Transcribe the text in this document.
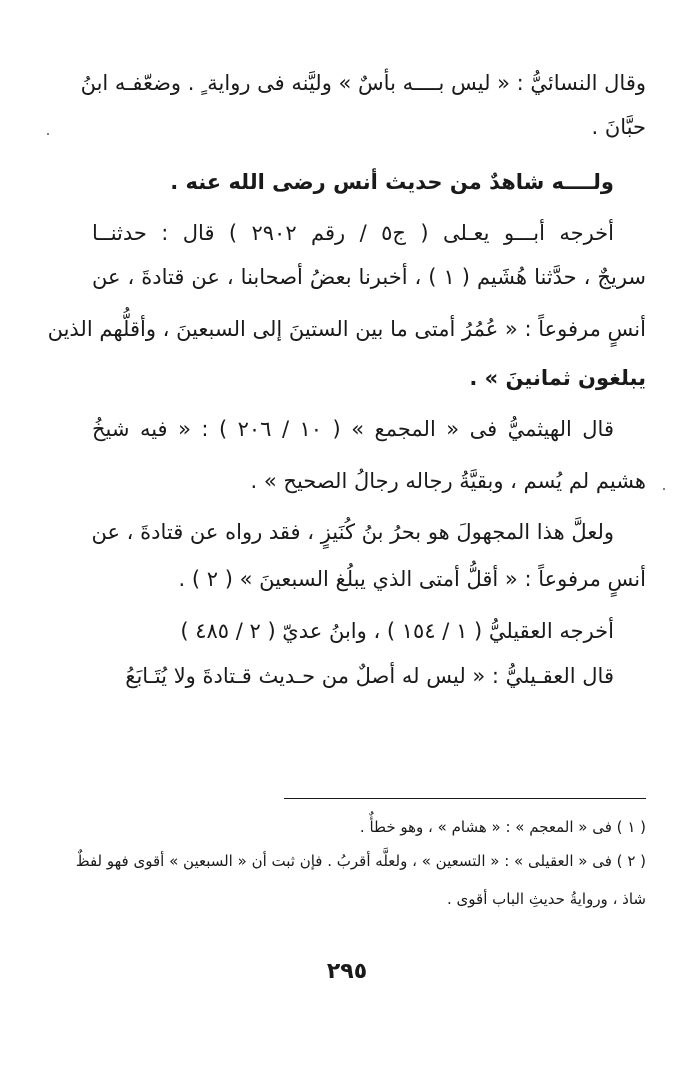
وقال النسائيُّ : « ليس بــــه بأسٌ » وليَّنه فى رواية ٍ . وضعّفـه ابنُ
حبَّانَ .
ولــــه شاهدٌ من حديث أنس رضى الله عنه .
أخرجه أبـــو يعـلى ( ج٥ / رقم ٢٩٠٢ ) قال : حدثنــا
سريجٌ ، حدَّثنا هُشَيم ( ١ ) ، أخبرنا بعضُ أصحابنا ، عن قتادةَ ، عن
أنسٍ مرفوعاً : « عُمُرُ أمتى ما بين الستينَ إلى السبعينَ ، وأقلُّهم الذين
يبلغون ثمانينَ » .
قال الهيثميُّ فى « المجمع » ( ١٠ / ٢٠٦ ) : « فيه شيخُ
هشيم لم يُسم ، وبقيَّةُ رجاله رجالُ الصحيح » .
ولعلَّ هذا المجهولَ هو بحرُ بنُ كُنَيزٍ ، فقد رواه عن قتادةَ ، عن
أنسٍ مرفوعاً : « أقلُّ أمتى الذي يبلُغ السبعينَ » ( ٢ ) .
أخرجه العقيليُّ ( ١ / ١٥٤ ) ، وابنُ عديّ ( ٢ / ٤٨٥ )
قال العقـيليُّ : « ليس له أصلٌ من حـديث قـتادةَ ولا يُتَـابَعُ
( ١ ) فى « المعجم » : « هشام » ، وهو خطأٌ .
( ٢ ) فى « العقيلى » : « التسعين » ، ولعلَّه أقربُ . فإن ثبت أن « السبعين » أقوى فهو لفظٌ
شاذ ، وروايةُ حديثِ الباب أقوى .
٢٩٥
